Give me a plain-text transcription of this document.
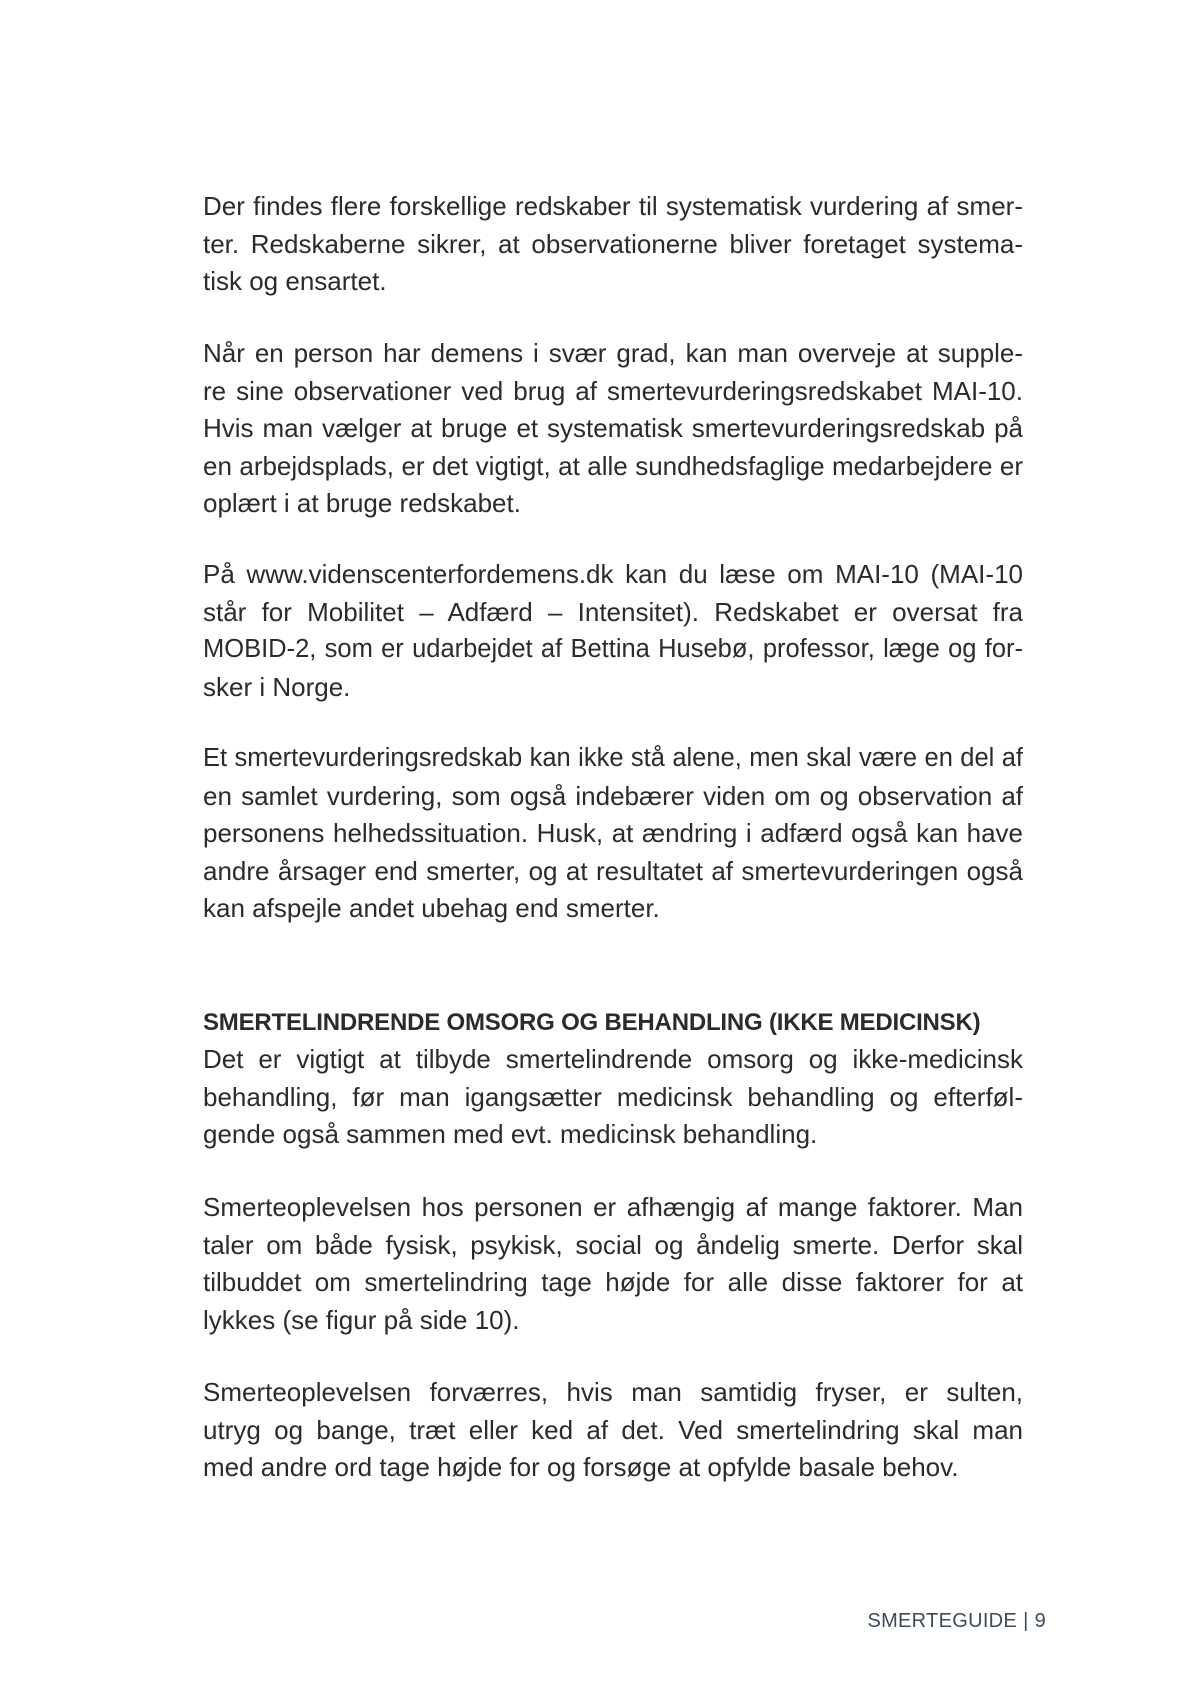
Der findes flere forskellige redskaber til systematisk vurdering af smer-
ter. Redskaberne sikrer, at observationerne bliver foretaget systema-
tisk og ensartet.

Når en person har demens i svær grad, kan man overveje at supple-
re sine observationer ved brug af smertevurderingsredskabet MAI-10.
Hvis man vælger at bruge et systematisk smertevurderingsredskab på
en arbejdsplads, er det vigtigt, at alle sundhedsfaglige medarbejdere er
oplært i at bruge redskabet.

På www.videnscenterfordemens.dk kan du læse om MAI-10 (MAI-10
står for Mobilitet – Adfærd – Intensitet). Redskabet er oversat fra
MOBID-2, som er udarbejdet af Bettina Husebø, professor, læge og for-
sker i Norge.

Et smertevurderingsredskab kan ikke stå alene, men skal være en del af
en samlet vurdering, som også indebærer viden om og observation af
personens helhedssituation. Husk, at ændring i adfærd også kan have
andre årsager end smerter, og at resultatet af smertevurderingen også
kan afspejle andet ubehag end smerter.

SMERTELINDRENDE OMSORG OG BEHANDLING (IKKE MEDICINSK)

Det er vigtigt at tilbyde smertelindrende omsorg og ikke-medicinsk
behandling, før man igangsætter medicinsk behandling og efterføl-
gende også sammen med evt. medicinsk behandling.

Smerteoplevelsen hos personen er afhængig af mange faktorer. Man
taler om både fysisk, psykisk, social og åndelig smerte. Derfor skal
tilbuddet om smertelindring tage højde for alle disse faktorer for at
lykkes (se figur på side 10).

Smerteoplevelsen forværres, hvis man samtidig fryser, er sulten,
utryg og bange, træt eller ked af det. Ved smertelindring skal man
med andre ord tage højde for og forsøge at opfylde basale behov.

SMERTEGUIDE | 9
